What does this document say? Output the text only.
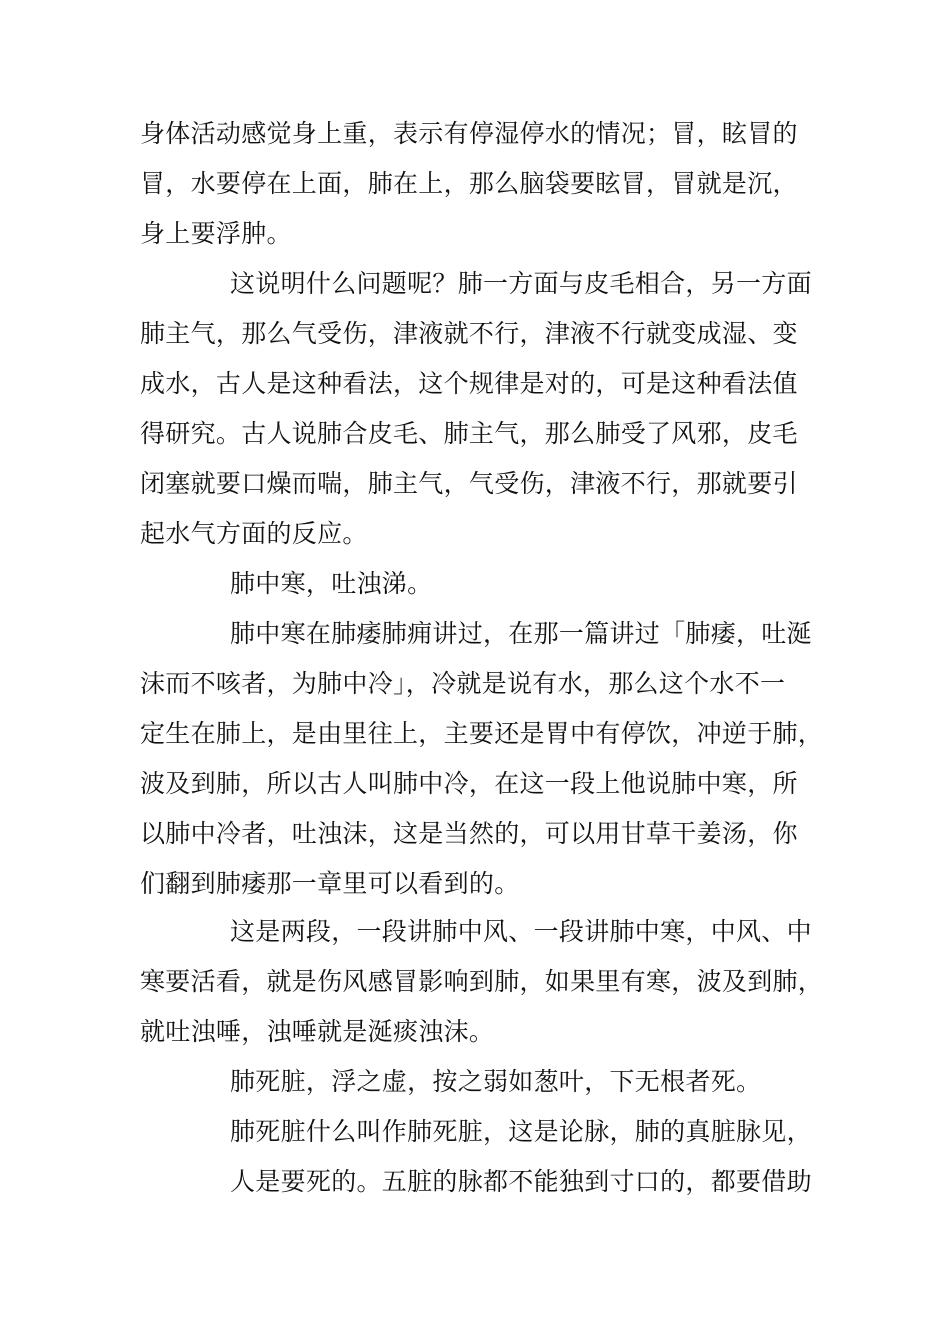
身体活动感觉身上重，表示有停湿停水的情况；冒，眩冒的
冒，水要停在上面，肺在上，那么脑袋要眩冒，冒就是沉，
身上要浮肿。
这说明什么问题呢？肺一方面与皮毛相合，另一方面
肺主气，那么气受伤，津液就不行，津液不行就变成湿、变
成水，古人是这种看法，这个规律是对的，可是这种看法值
得研究。古人说肺合皮毛、肺主气，那么肺受了风邪，皮毛
闭塞就要口燥而喘，肺主气，气受伤，津液不行，那就要引
起水气方面的反应。
肺中寒，吐浊涕。
肺中寒在肺痿肺痈讲过，在那一篇讲过「肺痿，吐涎
沫而不咳者，为肺中冷」，冷就是说有水，那么这个水不一
定生在肺上，是由里往上，主要还是胃中有停饮，冲逆于肺，
波及到肺，所以古人叫肺中冷，在这一段上他说肺中寒，所
以肺中冷者，吐浊沫，这是当然的，可以用甘草干姜汤，你
们翻到肺痿那一章里可以看到的。
这是两段，一段讲肺中风、一段讲肺中寒，中风、中
寒要活看，就是伤风感冒影响到肺，如果里有寒，波及到肺，
就吐浊唾，浊唾就是涎痰浊沫。
肺死脏，浮之虚，按之弱如葱叶，下无根者死。
肺死脏什么叫作肺死脏，这是论脉，肺的真脏脉见，
人是要死的。五脏的脉都不能独到寸口的，都要借助
